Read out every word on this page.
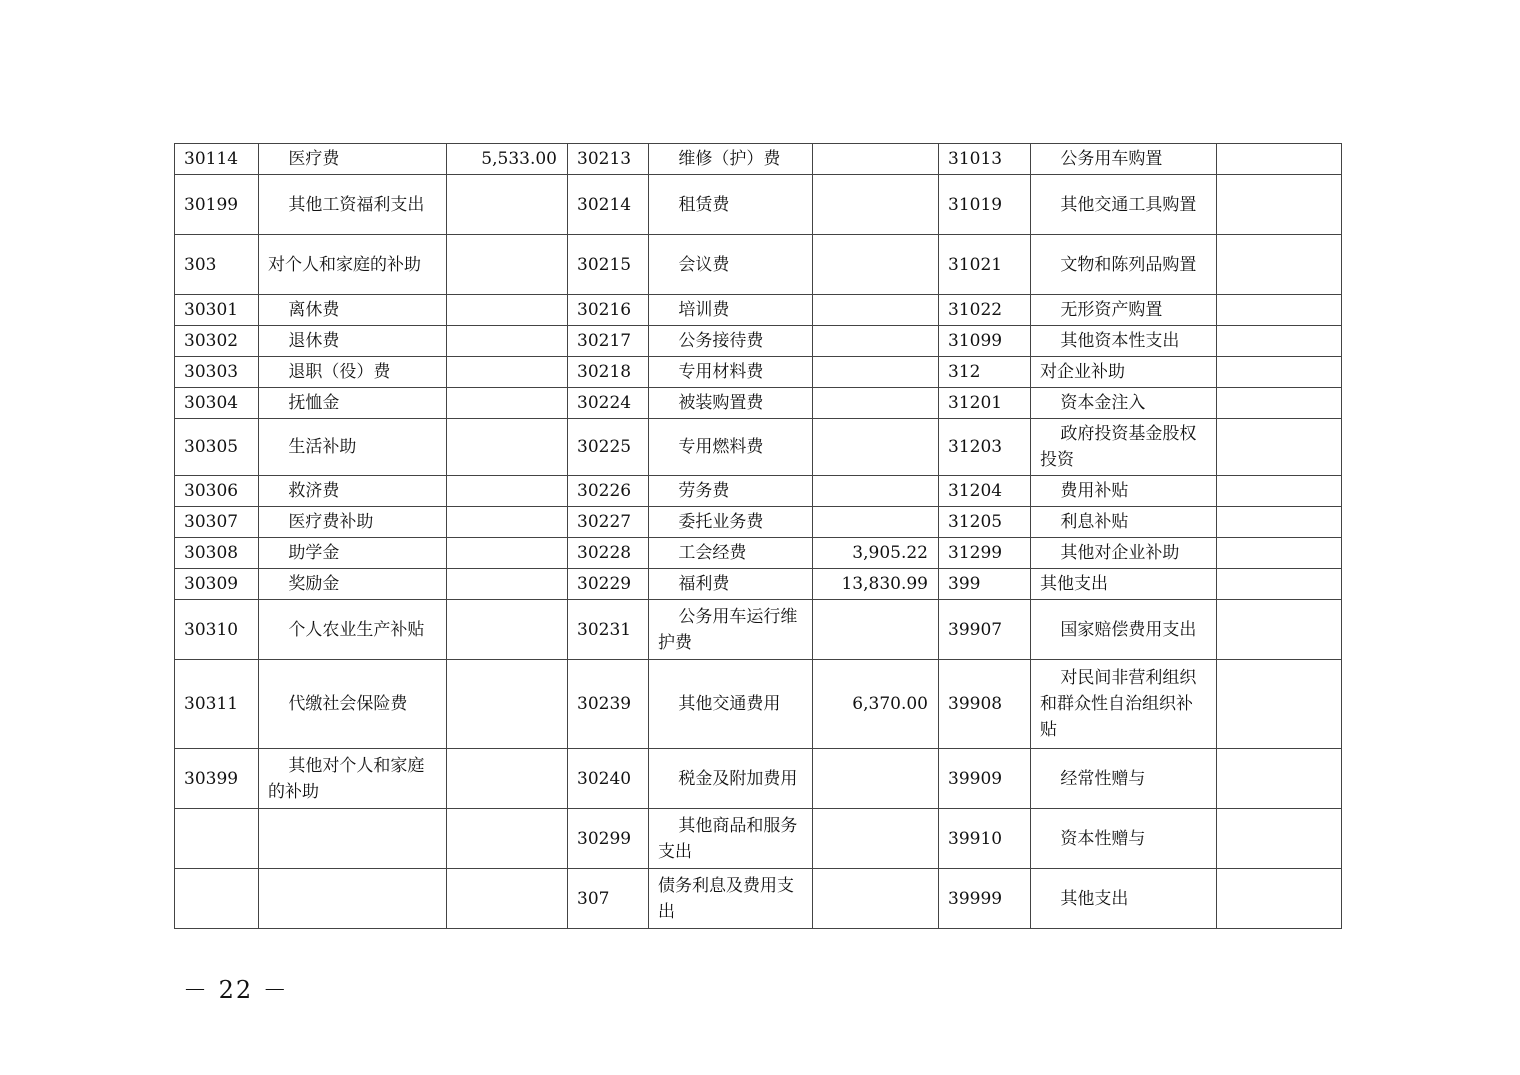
30114	医疗费	5,533.00	30213	维修（护）费		31013	公务用车购置	
30199	其他工资福利支出		30214	租赁费		31019	其他交通工具购置	
303	对个人和家庭的补助		30215	会议费		31021	文物和陈列品购置	
30301	离休费		30216	培训费		31022	无形资产购置	
30302	退休费		30217	公务接待费		31099	其他资本性支出	
30303	退职（役）费		30218	专用材料费		312	对企业补助	
30304	抚恤金		30224	被装购置费		31201	资本金注入	
30305	生活补助		30225	专用燃料费		31203	政府投资基金股权投资	
30306	救济费		30226	劳务费		31204	费用补贴	
30307	医疗费补助		30227	委托业务费		31205	利息补贴	
30308	助学金		30228	工会经费	3,905.22	31299	其他对企业补助	
30309	奖励金		30229	福利费	13,830.99	399	其他支出	
30310	个人农业生产补贴		30231	公务用车运行维护费		39907	国家赔偿费用支出	
30311	代缴社会保险费		30239	其他交通费用	6,370.00	39908	对民间非营利组织和群众性自治组织补贴	
30399	其他对个人和家庭的补助		30240	税金及附加费用		39909	经常性赠与	
			30299	其他商品和服务支出		39910	资本性赠与	
			307	债务利息及费用支出		39999	其他支出	
－ 22 －
